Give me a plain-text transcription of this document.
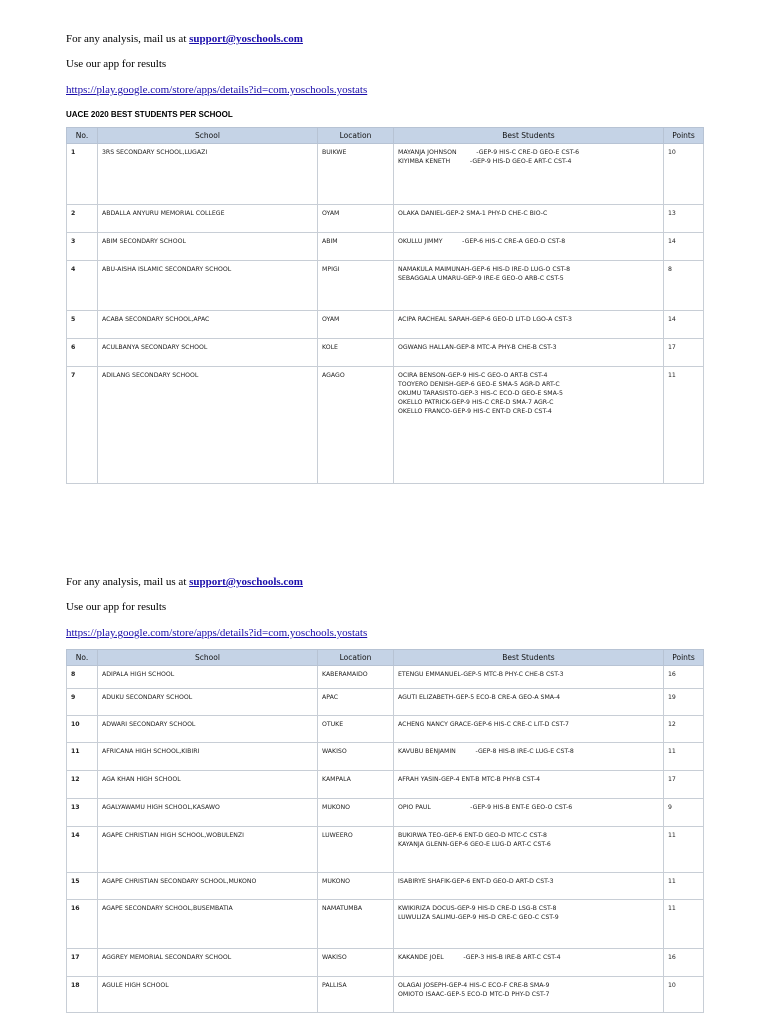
For any analysis, mail us at support@yoschools.com
Use our app for results
https://play.google.com/store/apps/details?id=com.yoschools.yostats
UACE 2020 BEST STUDENTS PER SCHOOL
No.	School	Location	Best Students	Points
1	3RS SECONDARY SCHOOL,LUGAZI	BUIKWE	MAYANJA JOHNSON          -GEP-9 HIS-C CRE-D GEO-E CST-6
KIYIMBA KENETH          -GEP-9 HIS-D GEO-E ART-C CST-4	10
2	ABDALLA ANYURU MEMORIAL COLLEGE	OYAM	OLAKA DANIEL-GEP-2 SMA-1 PHY-D CHE-C BIO-C	13
3	ABIM SECONDARY SCHOOL	ABIM	OKULLU JIMMY          -GEP-6 HIS-C CRE-A GEO-D CST-8	14
4	ABU-AISHA ISLAMIC SECONDARY SCHOOL	MPIGI	NAMAKULA MAIMUNAH-GEP-6 HIS-D IRE-D LUG-O CST-8
SEBAGGALA UMARU-GEP-9 IRE-E GEO-O ARB-C CST-5	8
5	ACABA SECONDARY SCHOOL,APAC	OYAM	ACIPA RACHEAL SARAH-GEP-6 GEO-D LIT-D LGO-A CST-3	14
6	ACULBANYA SECONDARY SCHOOL	KOLE	OGWANG HALLAN-GEP-8 MTC-A PHY-B CHE-B CST-3	17
7	ADILANG SECONDARY SCHOOL	AGAGO	OCIRA BENSON-GEP-9 HIS-C GEO-O ART-B CST-4
TOOYERO DENISH-GEP-6 GEO-E SMA-5 AGR-D ART-C
OKUMU TARASISTO-GEP-3 HIS-C ECO-D GEO-E SMA-5
OKELLO PATRICK-GEP-9 HIS-C CRE-D SMA-7 AGR-C
OKELLO FRANCO-GEP-9 HIS-C ENT-D CRE-D CST-4	11
For any analysis, mail us at support@yoschools.com
Use our app for results
https://play.google.com/store/apps/details?id=com.yoschools.yostats
No.	School	Location	Best Students	Points
8	ADIPALA HIGH SCHOOL	KABERAMAIDO	ETENGU EMMANUEL-GEP-5 MTC-B PHY-C CHE-B CST-3	16
9	ADUKU SECONDARY SCHOOL	APAC	AGUTI ELIZABETH-GEP-5 ECO-B CRE-A GEO-A SMA-4	19
10	ADWARI SECONDARY SCHOOL	OTUKE	ACHENG NANCY GRACE-GEP-6 HIS-C CRE-C LIT-D CST-7	12
11	AFRICANA HIGH SCHOOL,KIBIRI	WAKISO	KAVUBU BENJAMIN          -GEP-8 HIS-B IRE-C LUG-E CST-8	11
12	AGA KHAN HIGH SCHOOL	KAMPALA	AFRAH YASIN-GEP-4 ENT-B MTC-B PHY-B CST-4	17
13	AGALYAWAMU HIGH SCHOOL,KASAWO	MUKONO	OPIO PAUL                    -GEP-9 HIS-B ENT-E GEO-O CST-6	9
14	AGAPE CHRISTIAN HIGH SCHOOL,WOBULENZI	LUWEERO	BUKIRWA TEO-GEP-6 ENT-D GEO-D MTC-C CST-8
KAYANJA GLENN-GEP-6 GEO-E LUG-D ART-C CST-6	11
15	AGAPE CHRISTIAN SECONDARY SCHOOL,MUKONO	MUKONO	ISABIRYE SHAFIK-GEP-6 ENT-D GEO-D ART-D CST-3	11
16	AGAPE SECONDARY SCHOOL,BUSEMBATIA	NAMATUMBA	KWIKIRIZA DOCUS-GEP-9 HIS-D CRE-D LSG-B CST-8
LUWULIZA SALIMU-GEP-9 HIS-D CRE-C GEO-C CST-9	11
17	AGGREY MEMORIAL SECONDARY SCHOOL	WAKISO	KAKANDE JOEL          -GEP-3 HIS-B IRE-B ART-C CST-4	16
18	AGULE HIGH SCHOOL	PALLISA	OLAGAI JOSEPH-GEP-4 HIS-C ECO-F CRE-B SMA-9
OMIOTO ISAAC-GEP-5 ECO-D MTC-D PHY-D CST-7	10
